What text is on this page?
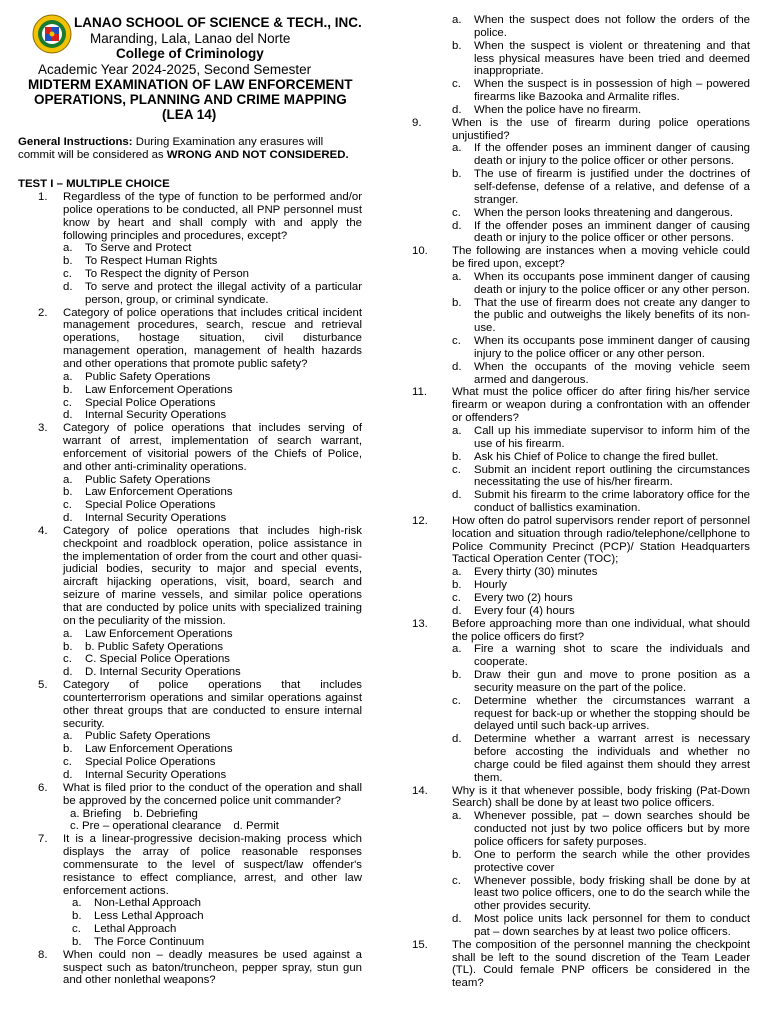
LANAO SCHOOL OF SCIENCE & TECH., INC.
Maranding, Lala, Lanao del Norte
College of Criminology
Academic Year 2024-2025, Second Semester
MIDTERM EXAMINATION OF LAW ENFORCEMENT
OPERATIONS, PLANNING AND CRIME MAPPING
(LEA 14)
General Instructions: During Examination any erasures will commit will be considered as WRONG AND NOT CONSIDERED.
TEST I – MULTIPLE CHOICE
1. Regardless of the type of function to be performed and/or police operations to be conducted, all PNP personnel must know by heart and shall comply with and apply the following principles and procedures, except?
a. To Serve and Protect
b. To Respect Human Rights
c. To Respect the dignity of Person
d. To serve and protect the illegal activity of a particular person, group, or criminal syndicate.
2. Category of police operations that includes critical incident management procedures, search, rescue and retrieval operations, hostage situation, civil disturbance management operation, management of health hazards and other operations that promote public safety?
a. Public Safety Operations
b. Law Enforcement Operations
c. Special Police Operations
d. Internal Security Operations
3. Category of police operations that includes serving of warrant of arrest, implementation of search warrant, enforcement of visitorial powers of the Chiefs of Police, and other anti-criminality operations.
a. Public Safety Operations
b. Law Enforcement Operations
c. Special Police Operations
d. Internal Security Operations
4. Category of police operations that includes high-risk checkpoint and roadblock operation, police assistance in the implementation of order from the court and other quasi-judicial bodies, security to major and special events, aircraft hijacking operations, visit, board, search and seizure of marine vessels, and similar police operations that are conducted by police units with specialized training on the peculiarity of the mission.
a. Law Enforcement Operations
b. b. Public Safety Operations
c. C. Special Police Operations
d. D. Internal Security Operations
5. Category of police operations that includes counterterrorism operations and similar operations against other threat groups that are conducted to ensure internal security.
a. Public Safety Operations
b. Law Enforcement Operations
c. Special Police Operations
d. Internal Security Operations
6. What is filed prior to the conduct of the operation and shall be approved by the concerned police unit commander?
a. Briefing b. Debriefing
c. Pre – operational clearance d. Permit
7. It is a linear-progressive decision-making process which displays the array of police reasonable responses commensurate to the level of suspect/law offender's resistance to effect compliance, arrest, and other law enforcement actions.
a. Non-Lethal Approach
b. Less Lethal Approach
c. Lethal Approach
b. The Force Continuum
8. When could non – deadly measures be used against a suspect such as baton/truncheon, pepper spray, stun gun and other nonlethal weapons?
a. When the suspect does not follow the orders of the police.
b. When the suspect is violent or threatening and that less physical measures have been tried and deemed inappropriate.
c. When the suspect is in possession of high – powered firearms like Bazooka and Armalite rifles.
d. When the police have no firearm.
9.	When is the use of firearm during police operations unjustified?
a. If the offender poses an imminent danger of causing death or injury to the police officer or other persons.
b. The use of firearm is justified under the doctrines of self-defense, defense of a relative, and defense of a stranger.
c. When the person looks threatening and dangerous.
d. If the offender poses an imminent danger of causing death or injury to the police officer or other persons.
10. The following are instances when a moving vehicle could be fired upon, except?
a. When its occupants pose imminent danger of causing death or injury to the police officer or any other person.
b. That the use of firearm does not create any danger to the public and outweighs the likely benefits of its non-use.
c. When its occupants pose imminent danger of causing injury to the police officer or any other person.
d. When the occupants of the moving vehicle seem armed and dangerous.
11. What must the police officer do after firing his/her service firearm or weapon during a confrontation with an offender or offenders?
a. Call up his immediate supervisor to inform him of the use of his firearm.
b. Ask his Chief of Police to change the fired bullet.
c. Submit an incident report outlining the circumstances necessitating the use of his/her firearm.
d. Submit his firearm to the crime laboratory office for the conduct of ballistics examination.
12. How often do patrol supervisors render report of personnel location and situation through radio/telephone/cellphone to Police Community Precinct (PCP)/ Station Headquarters Tactical Operation Center (TOC);
a. Every thirty (30) minutes
b. Hourly
c. Every two (2) hours
d. Every four (4) hours
13. Before approaching more than one individual, what should the police officers do first?
a. Fire a warning shot to scare the individuals and cooperate.
b. Draw their gun and move to prone position as a security measure on the part of the police.
c. Determine whether the circumstances warrant a request for back-up or whether the stopping should be delayed until such back-up arrives.
d. Determine whether a warrant arrest is necessary before accosting the individuals and whether no charge could be filed against them should they arrest them.
14. Why is it that whenever possible, body frisking (Pat-Down Search) shall be done by at least two police officers.
a. Whenever possible, pat – down searches should be conducted not just by two police officers but by more police officers for safety purposes.
b. One to perform the search while the other provides protective cover
c. Whenever possible, body frisking shall be done by at least two police officers, one to do the search while the other provides security.
d. Most police units lack personnel for them to conduct pat – down searches by at least two police officers.
15. The composition of the personnel manning the checkpoint shall be left to the sound discretion of the Team Leader (TL). Could female PNP officers be considered in the team?
